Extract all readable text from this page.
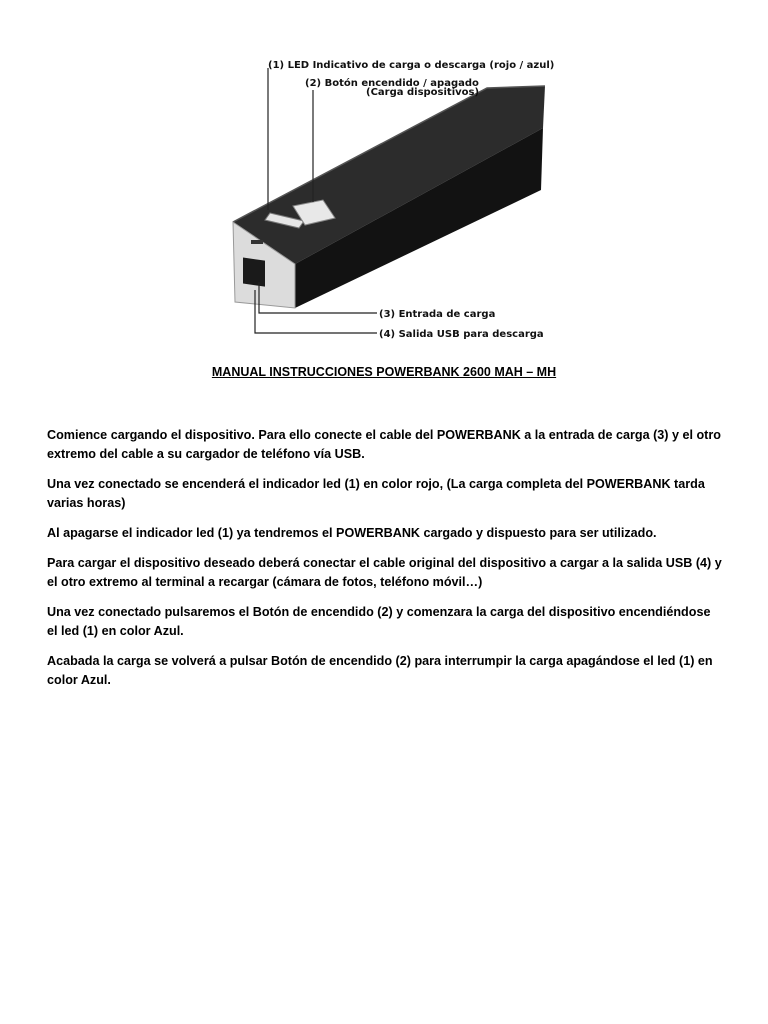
(1) LED Indicativo de carga o descarga (rojo / azul)
(2) Botón encendido / apagado
(Carga dispositivos)
(3) Entrada de carga
(4) Salida USB para descarga
MANUAL INSTRUCCIONES POWERBANK 2600 MAH – MH

Comience cargando el dispositivo. Para ello conecte el cable del POWERBANK a la entrada de carga (3) y el otro extremo del cable a su cargador de teléfono vía USB.

Una vez conectado se encenderá el indicador led (1) en color rojo, (La carga completa del POWERBANK tarda varias horas)

Al apagarse el indicador led (1) ya tendremos el POWERBANK cargado y dispuesto para ser utilizado.

Para cargar el dispositivo deseado deberá conectar el cable original del dispositivo a cargar a la salida USB (4) y el otro extremo al terminal a recargar (cámara de fotos, teléfono móvil…)

Una vez conectado pulsaremos el Botón de encendido (2) y comenzara la carga del dispositivo encendiéndose el led (1) en color Azul.

Acabada la carga se volverá a pulsar Botón de encendido (2) para interrumpir la carga apagándose el led (1) en color Azul.
